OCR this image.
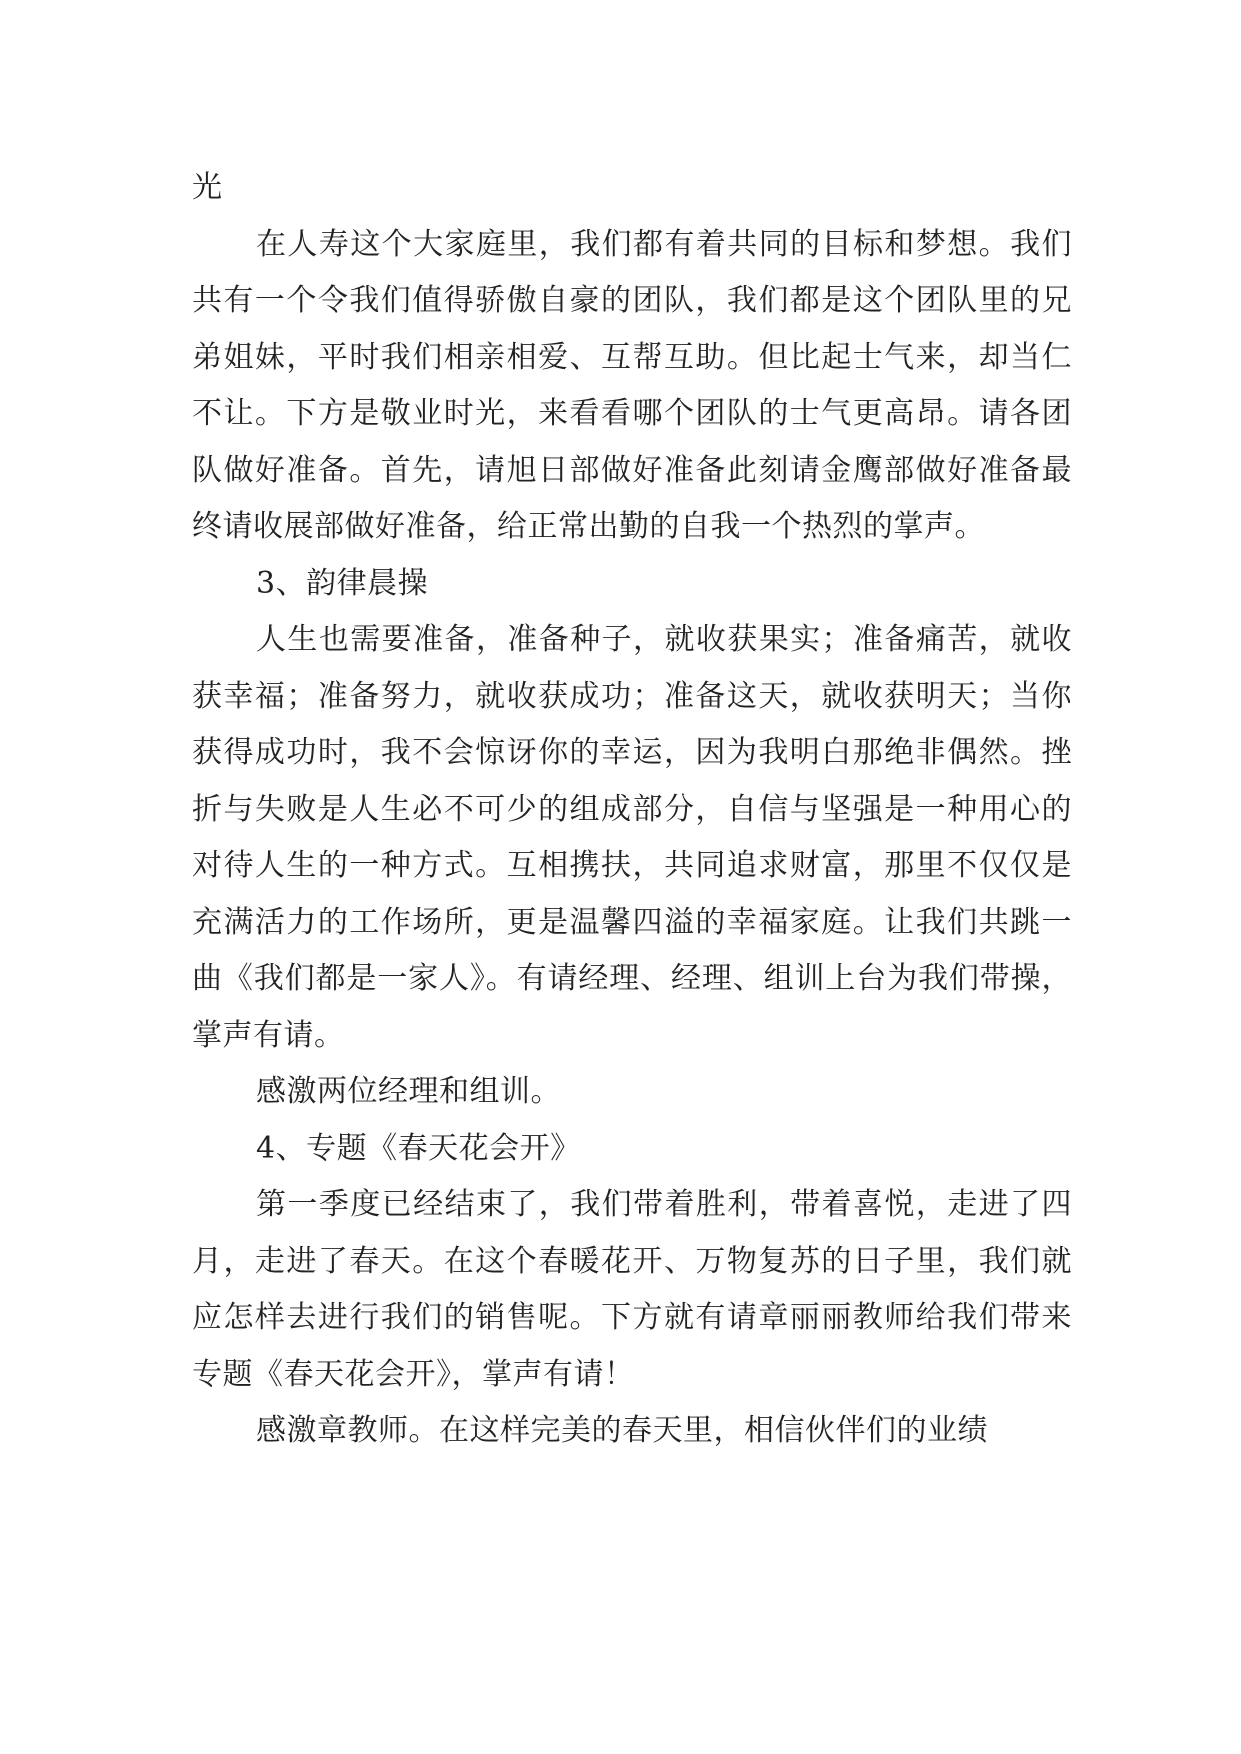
光

在人寿这个大家庭里，我们都有着共同的目标和梦想。我们共有一个令我们值得骄傲自豪的团队，我们都是这个团队里的兄弟姐妹，平时我们相亲相爱、互帮互助。但比起士气来，却当仁不让。下方是敬业时光，来看看哪个团队的士气更高昂。请各团队做好准备。首先，请旭日部做好准备此刻请金鹰部做好准备最终请收展部做好准备，给正常出勤的自我一个热烈的掌声。

3、韵律晨操

人生也需要准备，准备种子，就收获果实；准备痛苦，就收获幸福；准备努力，就收获成功；准备这天，就收获明天；当你获得成功时，我不会惊讶你的幸运，因为我明白那绝非偶然。挫折与失败是人生必不可少的组成部分，自信与坚强是一种用心的对待人生的一种方式。互相携扶，共同追求财富，那里不仅仅是充满活力的工作场所，更是温馨四溢的幸福家庭。让我们共跳一曲《我们都是一家人》。有请经理、经理、组训上台为我们带操，掌声有请。

感激两位经理和组训。

4、专题《春天花会开》

第一季度已经结束了，我们带着胜利，带着喜悦，走进了四月，走进了春天。在这个春暖花开、万物复苏的日子里，我们就应怎样去进行我们的销售呢。下方就有请章丽丽教师给我们带来专题《春天花会开》，掌声有请！

感激章教师。在这样完美的春天里，相信伙伴们的业绩
